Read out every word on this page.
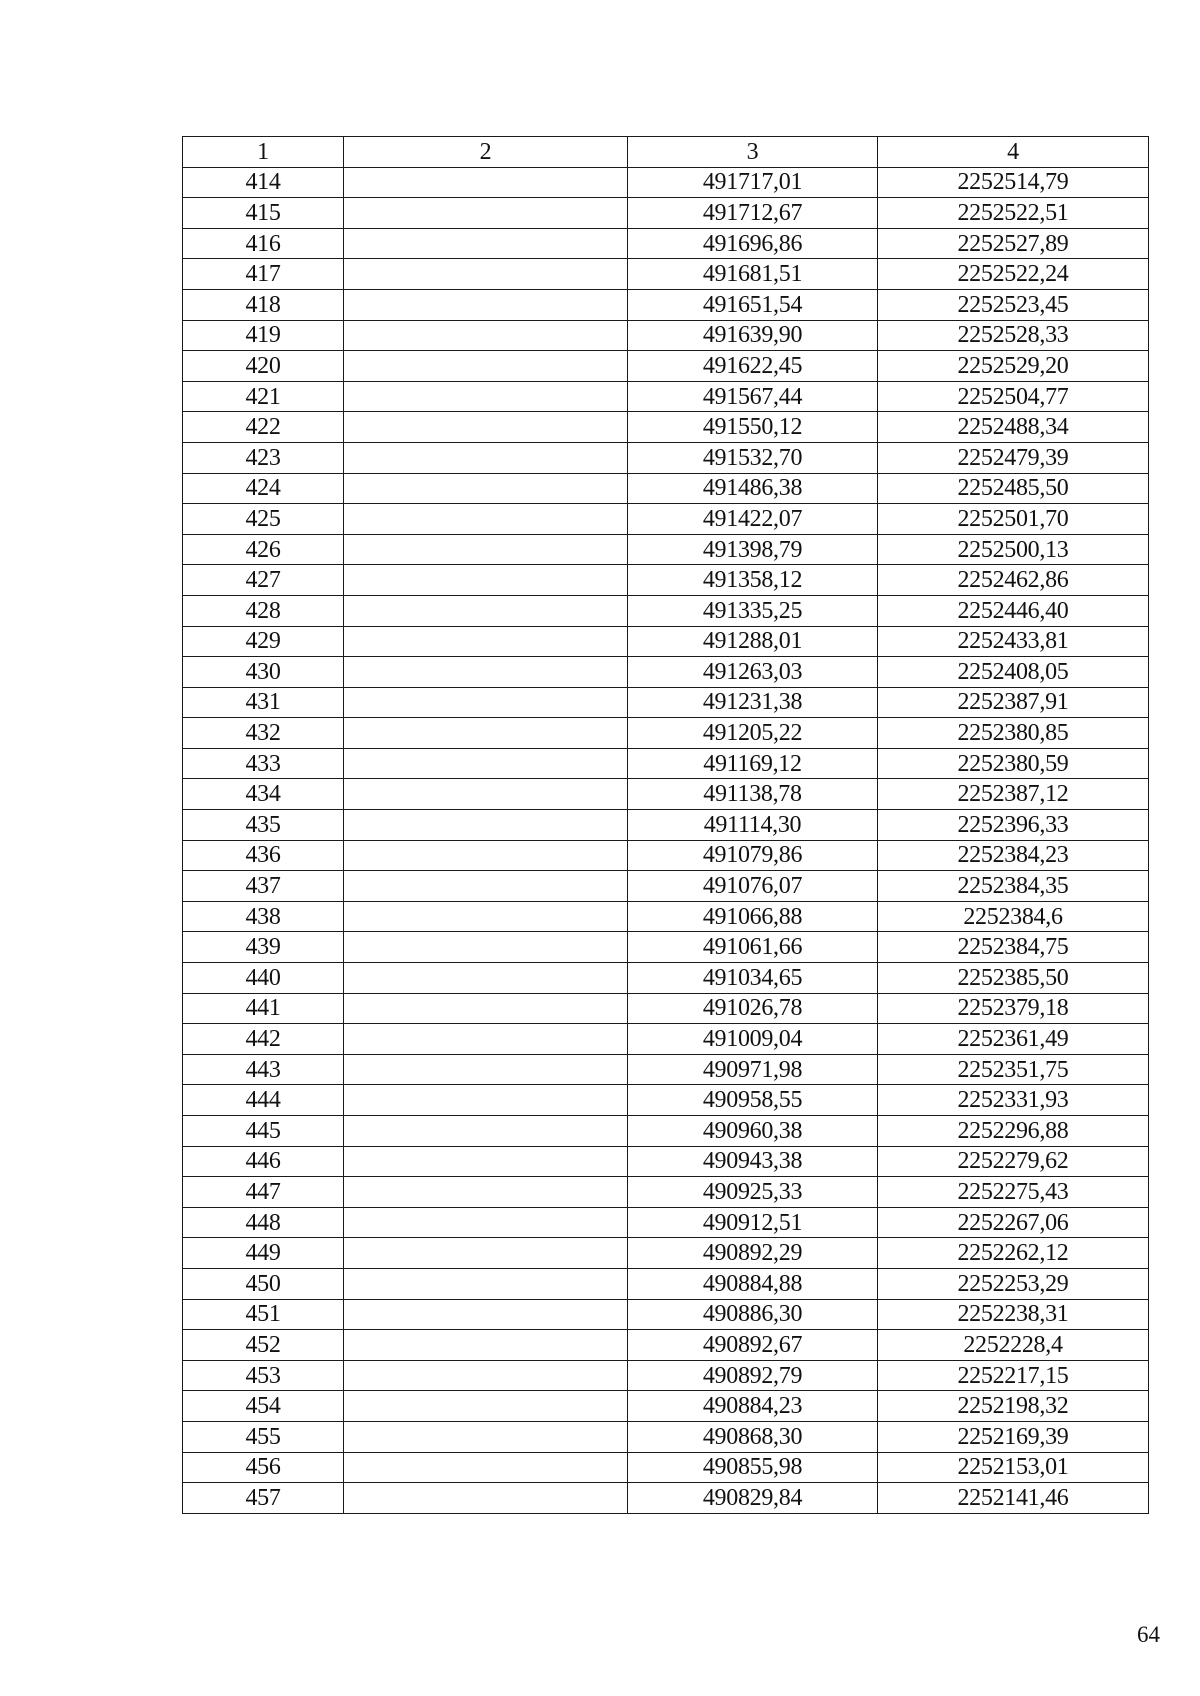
1	2	3	4
414		491717,01	2252514,79
415		491712,67	2252522,51
416		491696,86	2252527,89
417		491681,51	2252522,24
418		491651,54	2252523,45
419		491639,90	2252528,33
420		491622,45	2252529,20
421		491567,44	2252504,77
422		491550,12	2252488,34
423		491532,70	2252479,39
424		491486,38	2252485,50
425		491422,07	2252501,70
426		491398,79	2252500,13
427		491358,12	2252462,86
428		491335,25	2252446,40
429		491288,01	2252433,81
430		491263,03	2252408,05
431		491231,38	2252387,91
432		491205,22	2252380,85
433		491169,12	2252380,59
434		491138,78	2252387,12
435		491114,30	2252396,33
436		491079,86	2252384,23
437		491076,07	2252384,35
438		491066,88	2252384,6
439		491061,66	2252384,75
440		491034,65	2252385,50
441		491026,78	2252379,18
442		491009,04	2252361,49
443		490971,98	2252351,75
444		490958,55	2252331,93
445		490960,38	2252296,88
446		490943,38	2252279,62
447		490925,33	2252275,43
448		490912,51	2252267,06
449		490892,29	2252262,12
450		490884,88	2252253,29
451		490886,30	2252238,31
452		490892,67	2252228,4
453		490892,79	2252217,15
454		490884,23	2252198,32
455		490868,30	2252169,39
456		490855,98	2252153,01
457		490829,84	2252141,46
64
